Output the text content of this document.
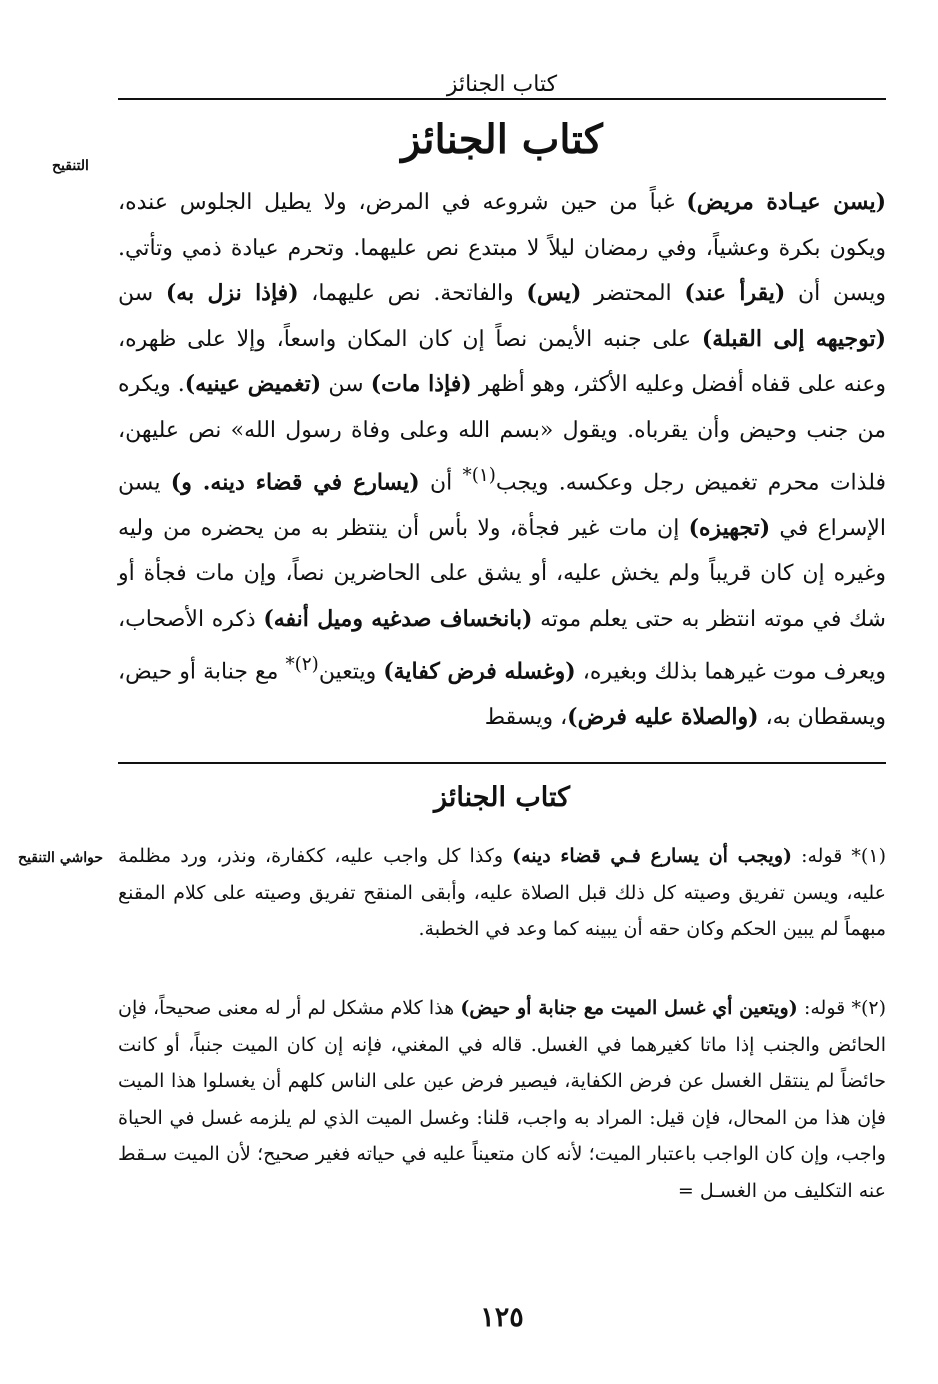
كتاب الجنائز
كتاب الجنائز
التنقيح

(يسن عيـادة مريض) غباً من حين شروعه في المرض، ولا يطيل الجلوس عنده، ويكون بكرة وعشياً، وفي رمضان ليلاً لا مبتدع نص عليهما. وتحرم عيادة ذمي وتأتي. ويسن أن (يقرأ عند) المحتضر (يس) والفاتحة. نص عليهما، (فإذا نزل به) سن (توجيهه إلى القبلة) على جنبه الأيمن نصاً إن كان المكان واسعاً، وإلا على ظهره، وعنه على قفاه أفضل وعليه الأكثر، وهو أظهر (فإذا مات) سن (تغميض عينيه). ويكره من جنب وحيض وأن يقرباه. ويقول «بسم الله وعلى وفاة رسول الله» نص عليهن، فلذات محرم تغميض رجل وعكسه. ويجب$^{(١)*}$ أن (يسارع في قضاء دينه. و) يسن الإسراع في (تجهيزه) إن مات غير فجأة، ولا بأس أن ينتظر به من يحضره من وليه وغيره إن كان قريباً ولم يخش عليه، أو يشق على الحاضرين نصاً، وإن مات فجأة أو شك في موته انتظر به حتى يعلم موته (بانخساف صدغيه وميل أنفه) ذكره الأصحاب، ويعرف موت غيرهما بذلك وبغيره، (وغسله فرض كفاية) ويتعين$^{(٢)*}$ مع جنابة أو حيض، ويسقطان به، (والصلاة عليه فرض)، ويسقط

كتاب الجنائز
حواشي التنقيح	(١)* قوله: (ويجب أن يسارع فـي قضاء دينه) وكذا كل واجب عليه، ككفارة، ونذر، ورد مظلمة عليه، ويسن تفريق وصيته كل ذلك قبل الصلاة عليه، وأبقى المنقح تفريق وصيته على كلام المقنع مبهماً لم يبين الحكم وكان حقه أن يبينه كما وعد في الخطبة.

(٢)* قوله: (ويتعين أي غسل الميت مع جنابة أو حيض) هذا كلام مشكل لم أر له معنى صحيحاً، فإن الحائض والجنب إذا ماتا كغيرهما في الغسل. قاله في المغني، فإنه إن كان الميت جنباً، أو كانت حائضاً لم ينتقل الغسل عن فرض الكفاية، فيصير فرض عين على الناس كلهم أن يغسلوا هذا الميت فإن هذا من المحال، فإن قيل: المراد به واجب، قلنا: وغسل الميت الذي لم يلزمه غسل في الحياة واجب، وإن كان الواجب باعتبار الميت؛ لأنه كان متعيناً عليه في حياته فغير صحيح؛ لأن الميت سـقط عنه التكليف من الغسـل =

١٢٥
